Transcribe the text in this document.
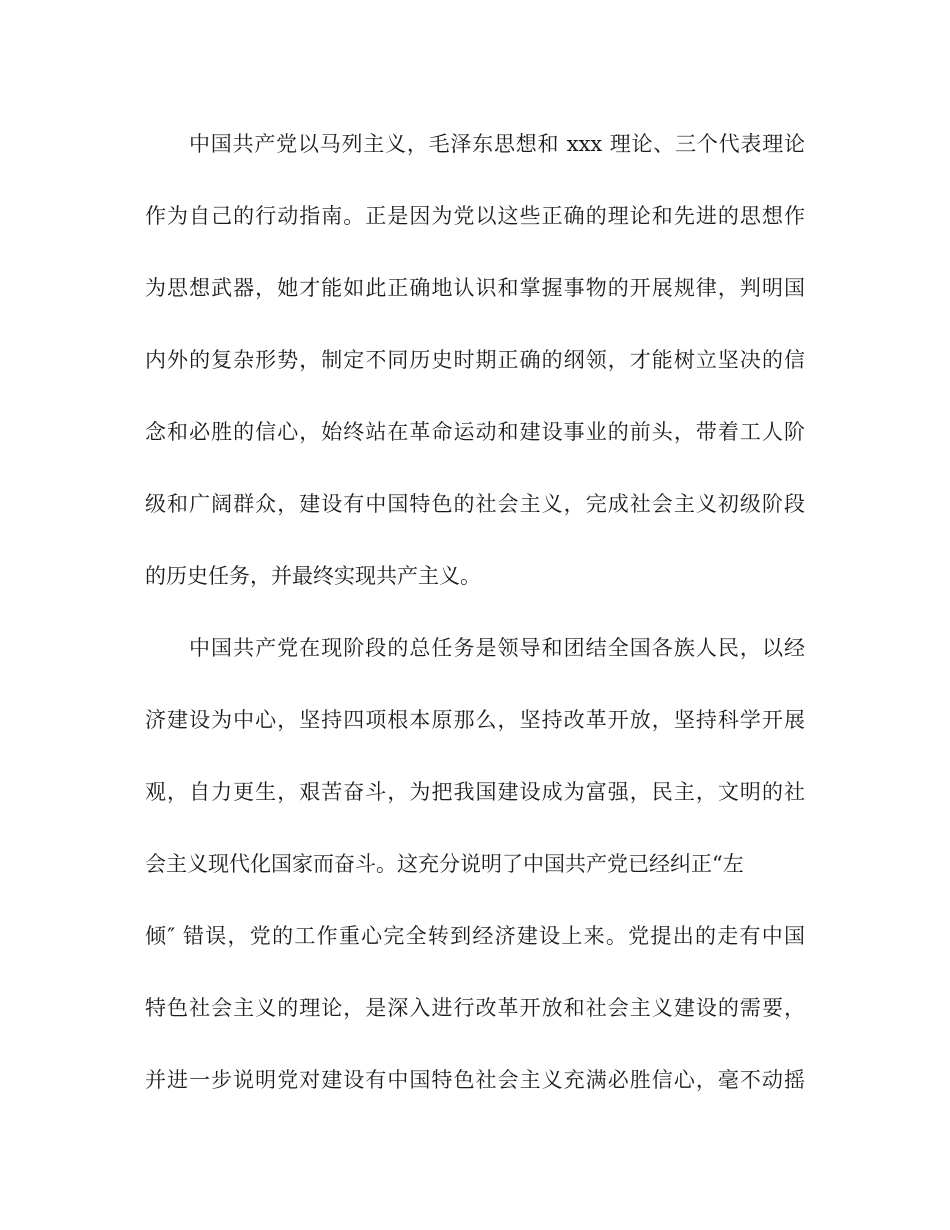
中国共产党以马列主义，毛泽东思想和 xxx 理论、三个代表理论
作为自己的行动指南。正是因为党以这些正确的理论和先进的思想作
为思想武器，她才能如此正确地认识和掌握事物的开展规律，判明国
内外的复杂形势，制定不同历史时期正确的纲领，才能树立坚决的信
念和必胜的信心，始终站在革命运动和建设事业的前头，带着工人阶
级和广阔群众，建设有中国特色的社会主义，完成社会主义初级阶段
的历史任务，并最终实现共产主义。
中国共产党在现阶段的总任务是领导和团结全国各族人民，以经
济建设为中心，坚持四项根本原那么，坚持改革开放，坚持科学开展
观，自力更生，艰苦奋斗，为把我国建设成为富强，民主，文明的社
会主义现代化国家而奋斗。这充分说明了中国共产党已经纠正“左
倾″ 错误，党的工作重心完全转到经济建设上来。党提出的走有中国
特色社会主义的理论，是深入进行改革开放和社会主义建设的需要，
并进一步说明党对建设有中国特色社会主义充满必胜信心，毫不动摇
